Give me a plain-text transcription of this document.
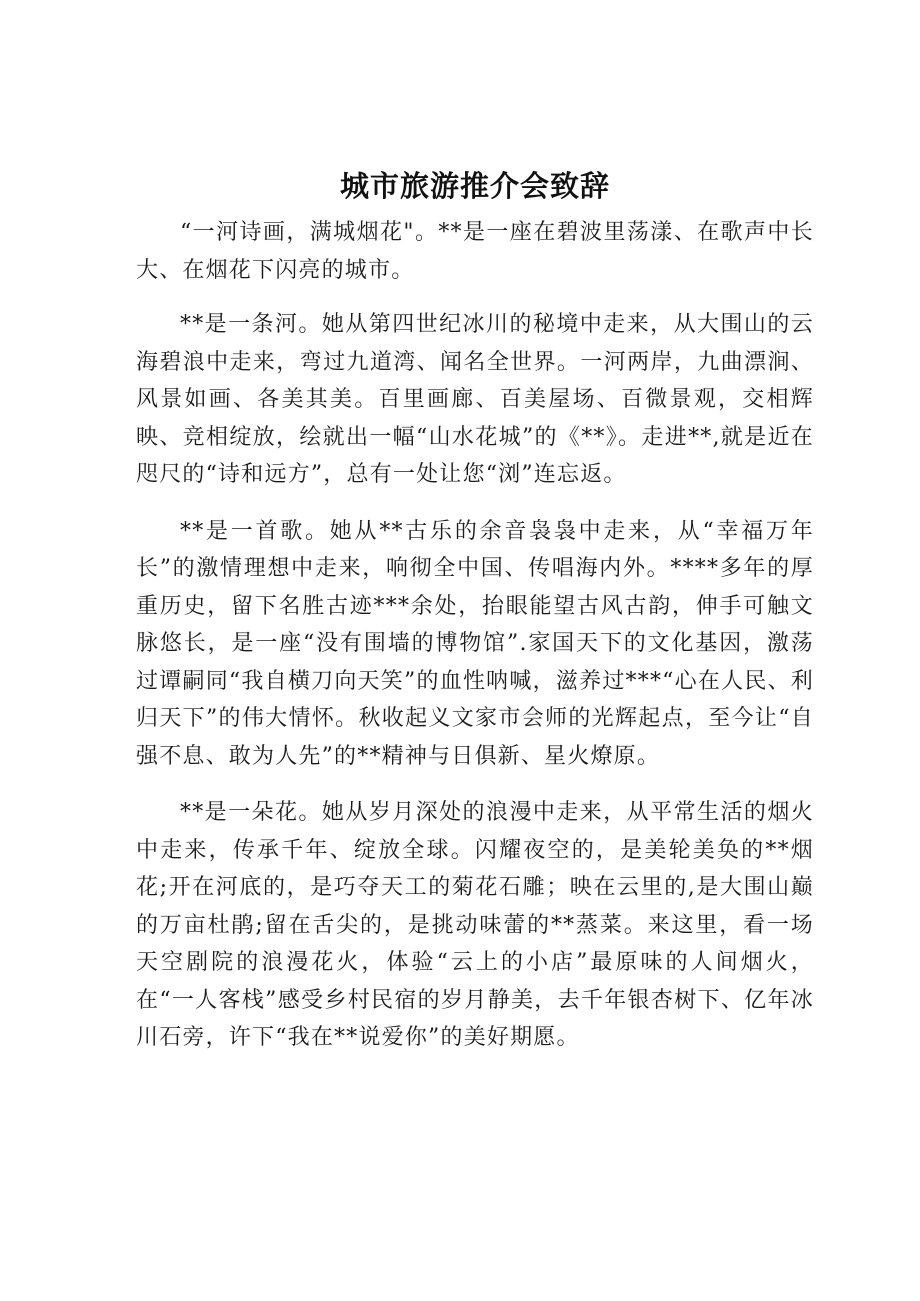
城市旅游推介会致辞

“一河诗画，满城烟花"。**是一座在碧波里荡漾、在歌声中长大、在烟花下闪亮的城市。

**是一条河。她从第四世纪冰川的秘境中走来，从大围山的云海碧浪中走来，弯过九道湾、闻名全世界。一河两岸，九曲漂涧、风景如画、各美其美。百里画廊、百美屋场、百微景观，交相辉映、竞相绽放，绘就出一幅“山水花城”的《**》。走进**,就是近在咫尺的“诗和远方”，总有一处让您“浏”连忘返。

**是一首歌。她从**古乐的余音袅袅中走来，从“幸福万年长”的激情理想中走来，响彻全中国、传唱海内外。****多年的厚重历史，留下名胜古迹***余处，抬眼能望古风古韵，伸手可触文脉悠长，是一座“没有围墙的博物馆”.家国天下的文化基因，激荡过谭嗣同“我自横刀向天笑”的血性呐喊，滋养过***“心在人民、利归天下”的伟大情怀。秋收起义文家市会师的光辉起点，至今让“自强不息、敢为人先”的**精神与日俱新、星火燎原。

**是一朵花。她从岁月深处的浪漫中走来，从平常生活的烟火中走来，传承千年、绽放全球。闪耀夜空的，是美轮美奂的**烟花;开在河底的，是巧夺天工的菊花石雕；映在云里的,是大围山巅的万亩杜鹃;留在舌尖的，是挑动味蕾的**蒸菜。来这里，看一场天空剧院的浪漫花火，体验“云上的小店”最原味的人间烟火，在“一人客栈”感受乡村民宿的岁月静美，去千年银杏树下、亿年冰川石旁，许下“我在**说爱你”的美好期愿。
